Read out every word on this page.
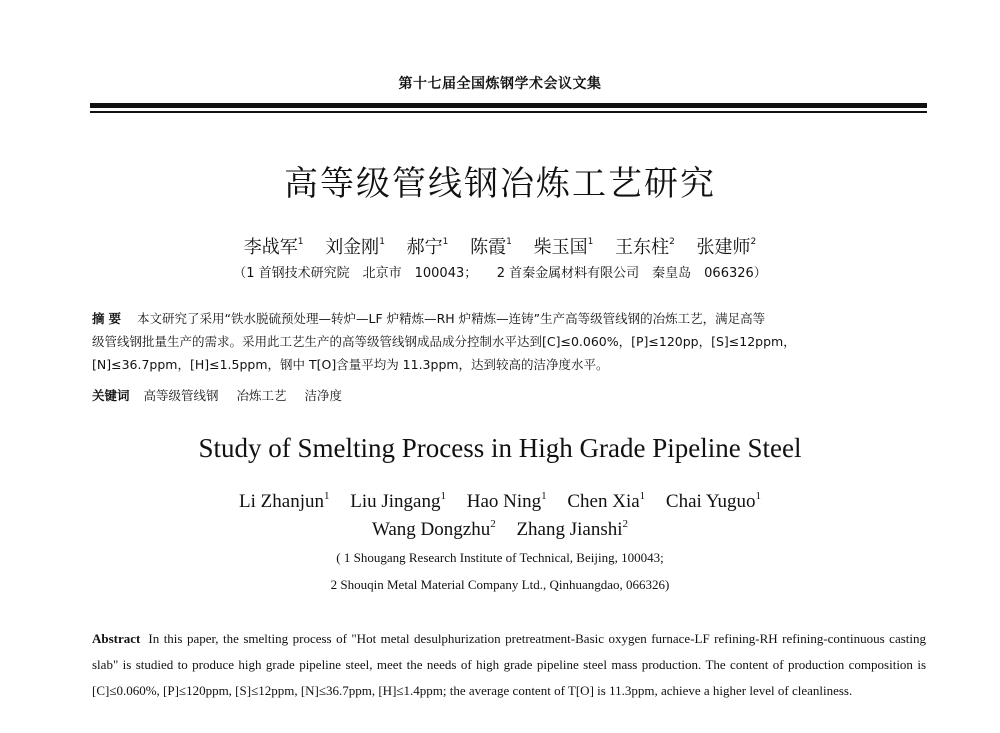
第十七届全国炼钢学术会议文集
高等级管线钢冶炼工艺研究
李战军$^1$ 刘金刚$^1$ 郝宁$^1$ 陈霞$^1$ 柴玉国$^1$ 王东柱$^2$ 张建师$^2$
（1 首钢技术研究院　北京市　100043；　　2 首秦金属材料有限公司　秦皇岛　066326）
摘要 本文研究了采用“铁水脱硫预处理—转炉—LF 炉精炼—RH 炉精炼—连铸”生产高等级管线钢的冶炼工艺，满足高等
级管线钢批量生产的需求。采用此工艺生产的高等级管线钢成品成分控制水平达到[C]≤0.060%，[P]≤120pp，[S]≤12ppm，
[N]≤36.7ppm，[H]≤1.5ppm，钢中 T[O]含量平均为 11.3ppm，达到较高的洁净度水平。
关键词 高等级管线钢 冶炼工艺 洁净度
Study of Smelting Process in High Grade Pipeline Steel
Li Zhanjun$^1$ Liu Jingang$^1$ Hao Ning$^1$ Chen Xia$^1$ Chai Yuguo$^1$
Wang Dongzhu$^2$ Zhang Jianshi$^2$
( 1 Shougang Research Institute of Technical, Beijing, 100043;
2 Shouqin Metal Material Company Ltd., Qinhuangdao, 066326)
Abstract In this paper, the smelting process of "Hot metal desulphurization pretreatment-Basic oxygen furnace-LF refining-RH refining-continuous casting slab" is studied to produce high grade pipeline steel, meet the needs of high grade pipeline steel mass production. The content of production composition is [C]≤0.060%, [P]≤120ppm, [S]≤12ppm, [N]≤36.7ppm, [H]≤1.4ppm; the average content of T[O] is 11.3ppm, achieve a higher level of cleanliness.
